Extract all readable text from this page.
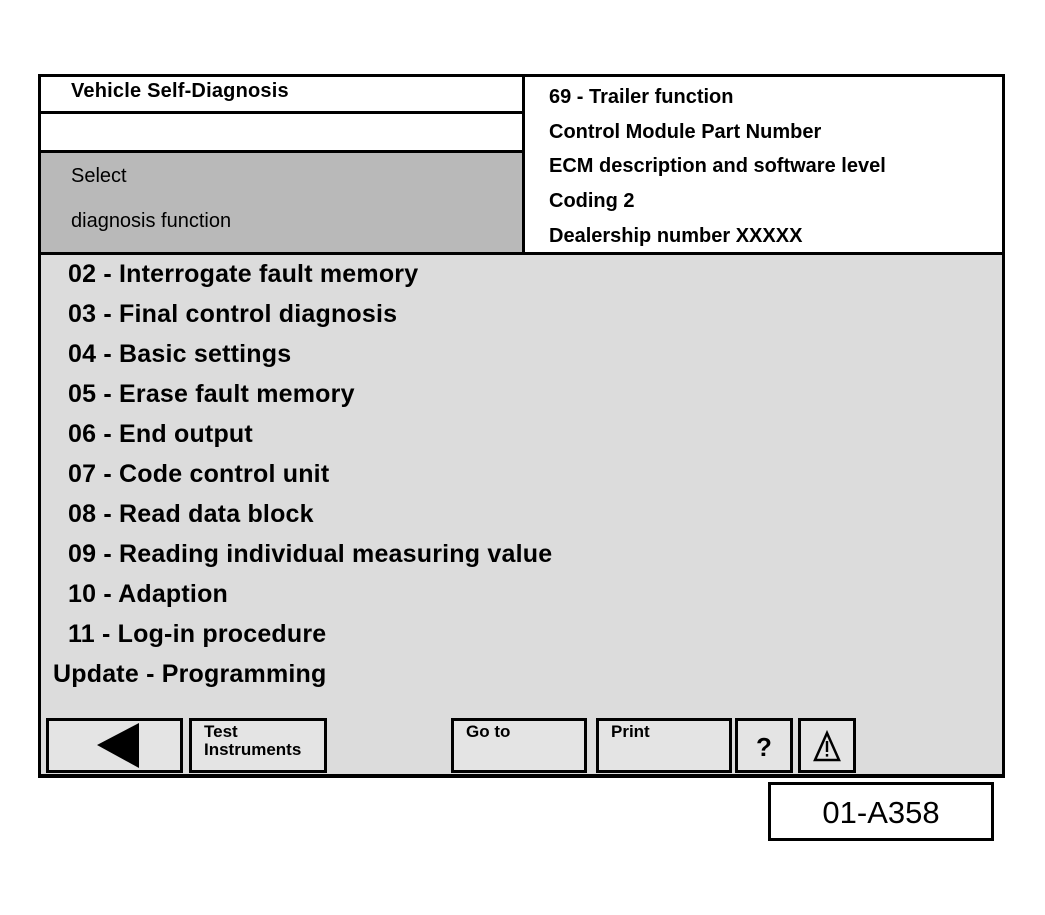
Vehicle Self-Diagnosis
Select
diagnosis function
69 - Trailer function
Control Module Part Number
ECM description and software level
Coding 2
Dealership number XXXXX
02 - Interrogate fault memory
03 - Final control diagnosis
04 - Basic settings
05 - Erase fault memory
06 - End output
07 - Code control unit
08 - Read data block
09 - Reading individual measuring value
10 - Adaption
11 - Log-in procedure
Update - Programming
Test
Instruments
Go to	Print
?
01-A358
